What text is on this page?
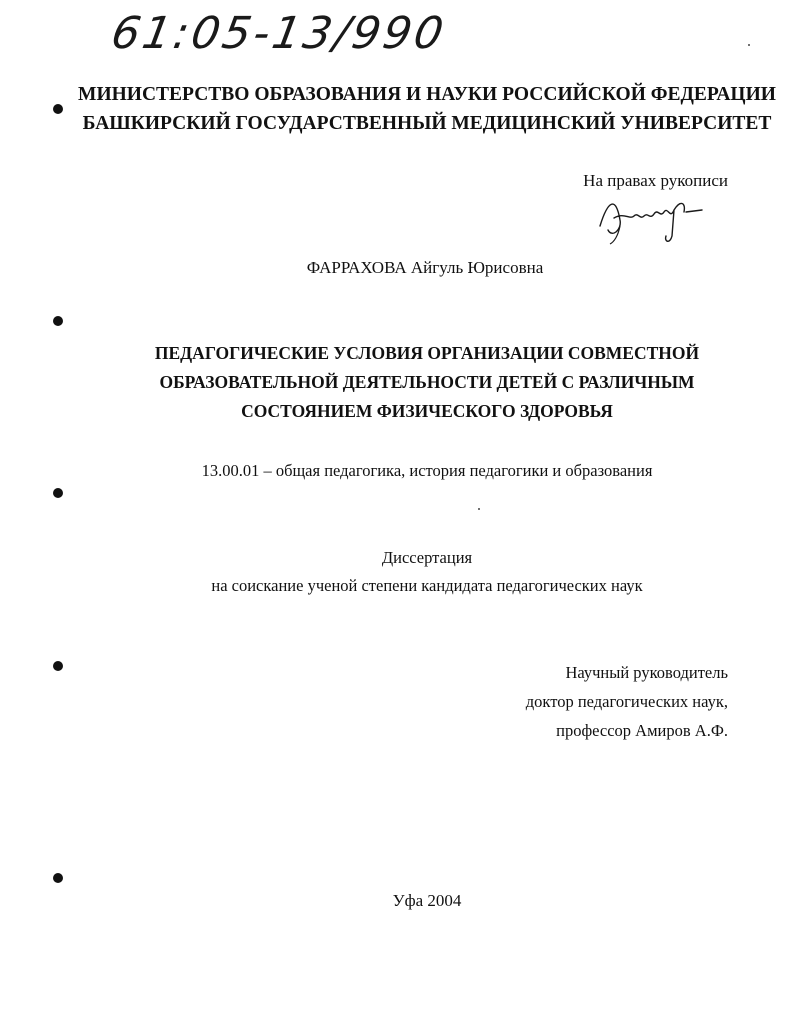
61:05-13/990
МИНИСТЕРСТВО ОБРАЗОВАНИЯ И НАУКИ РОССИЙСКОЙ ФЕДЕРАЦИИ
БАШКИРСКИЙ ГОСУДАРСТВЕННЫЙ МЕДИЦИНСКИЙ УНИВЕРСИТЕТ
На правах рукописи
ФАРРАХОВА Айгуль Юрисовна
ПЕДАГОГИЧЕСКИЕ УСЛОВИЯ ОРГАНИЗАЦИИ СОВМЕСТНОЙ
ОБРАЗОВАТЕЛЬНОЙ ДЕЯТЕЛЬНОСТИ ДЕТЕЙ С РАЗЛИЧНЫМ
СОСТОЯНИЕМ ФИЗИЧЕСКОГО ЗДОРОВЬЯ
13.00.01 – общая педагогика, история педагогики и образования
Диссертация
на соискание ученой степени кандидата педагогических наук
Научный руководитель
доктор педагогических наук,
профессор Амиров А.Ф.
Уфа 2004
